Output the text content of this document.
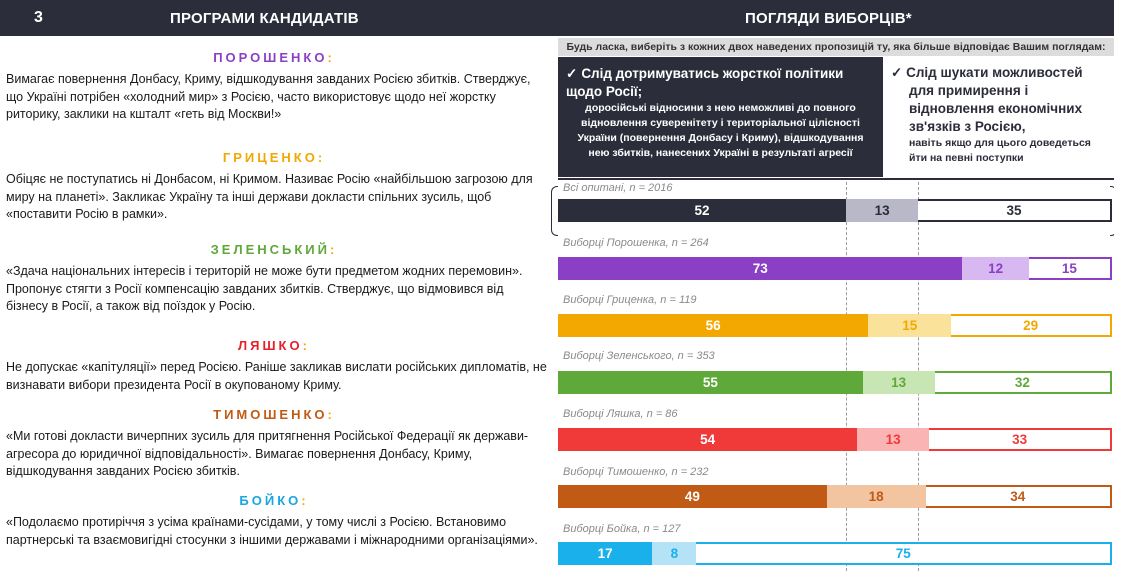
3	ПРОГРАМИ КАНДИДАТІВ	ПОГЛЯДИ ВИБОРЦІВ*
ПОРОШЕНКО:
Вимагає повернення Донбасу, Криму, відшкодування завданих Росією збитків. Стверджує, що Україні потрібен «холодний мир» з Росією, часто використовує щодо неї жорстку риторику, заклики на кшталт «геть від Москви!»
ГРИЦЕНКО:
Обіцяє не поступатись ні Донбасом, ні Кримом. Називає Росію «найбільшою загрозою для миру на планеті». Закликає Україну та інші держави докласти спільних зусиль, щоб «поставити Росію в рамки».
ЗЕЛЕНСЬКИЙ:
«Здача національних інтересів і територій не може бути предметом жодних перемовин». Пропонує стягти з Росії компенсацію завданих збитків. Стверджує, що відмовився від бізнесу в Росії, а також від поїздок у Росію.
ЛЯШКО:
Не допускає «капітуляції» перед Росією. Раніше закликав вислати російських дипломатів, не визнавати вибори президента Росії в окупованому Криму.
ТИМОШЕНКО:
«Ми готові докласти вичерпних зусиль для притягнення Російської Федерації як держави-агресора до юридичної відповідальності». Вимагає повернення Донбасу, Криму, відшкодування завданих Росією збитків.
БОЙКО:
«Подолаємо протиріччя з усіма країнами-сусідами, у тому числі з Росією. Встановимо партнерські та взаємовигідні стосунки з іншими державами і міжнародними організаціями».
Будь ласка, виберіть з кожних двох наведених пропозицій ту, яка більше відповідає Вашим поглядам:
✓ Слід дотримуватись жорсткої політики щодо Росії;
доросійські відносини з нею неможливі до повного відновлення суверенітету і територіальної цілісності України (повернення Донбасу і Криму), відшкодування нею збитків, нанесених Україні в результаті агресії
✓ Слід шукати можливостей для примирення і відновлення економічних зв'язків з Росією,
навіть якщо для цього доведеться йти на певні поступки
Всі опитані, n = 2016
52	13	35
Виборці Порошенка, n = 264
73	12	15
Виборці Гриценка, n = 119
56	15	29
Виборці Зеленського, n = 353
55	13	32
Виборці Ляшка, n = 86
54	13	33
Виборці Тимошенко, n = 232
49	18	34
Виборці Бойка, n = 127
17	8	75
